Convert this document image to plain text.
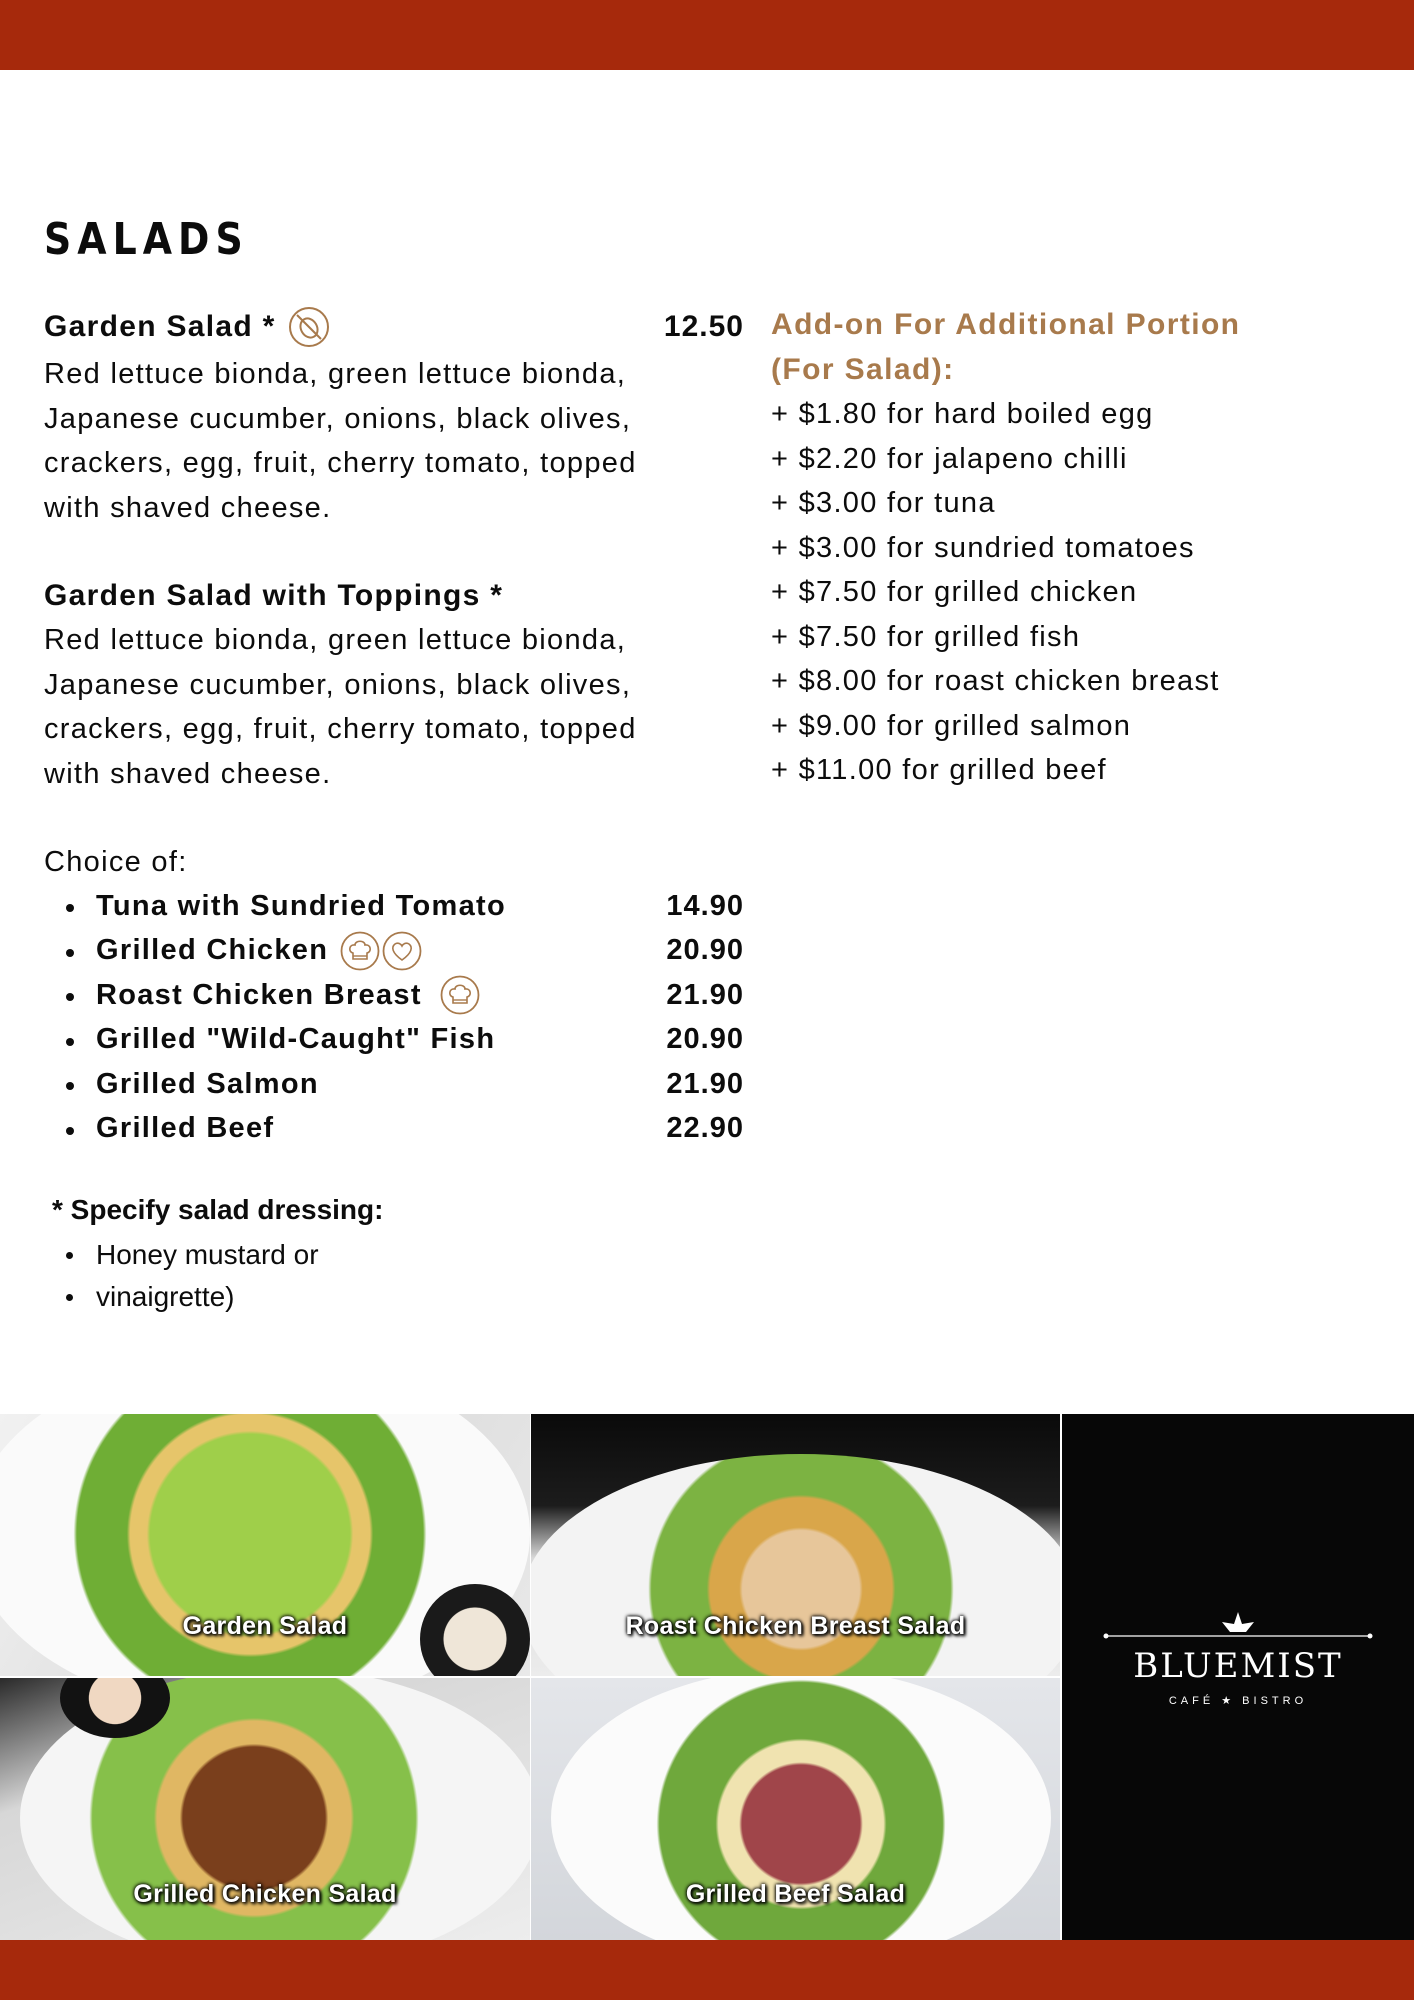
SALADS
Garden Salad *	12.50

Red lettuce bionda, green lettuce bionda, Japanese cucumber, onions, black olives, crackers, egg, fruit, cherry tomato, topped with shaved cheese.

Garden Salad with Toppings *

Red lettuce bionda, green lettuce bionda, Japanese cucumber, onions, black olives, crackers, egg, fruit, cherry tomato, topped with shaved cheese.

Choice of:
Tuna with Sundried Tomato	14.90
Grilled Chicken	20.90
Roast Chicken Breast	21.90
Grilled "Wild-Caught" Fish	20.90
Grilled Salmon	21.90
Grilled Beef	22.90
* Specify salad dressing:
Honey mustard or
vinaigrette)

Add-on For Additional Portion

(For Salad):

+ $1.80 for hard boiled egg
+ $2.20 for jalapeno chilli
+ $3.00 for tuna
+ $3.00 for sundried tomatoes
+ $7.50 for grilled chicken
+ $7.50 for grilled fish
+ $8.00 for roast chicken breast
+ $9.00 for grilled salmon
+ $11.00 for grilled beef
Garden Salad	Roast Chicken Breast Salad
Grilled Chicken Salad	Grilled Beef Salad
BLUEMIST
CAFÉ ★ BISTRO
